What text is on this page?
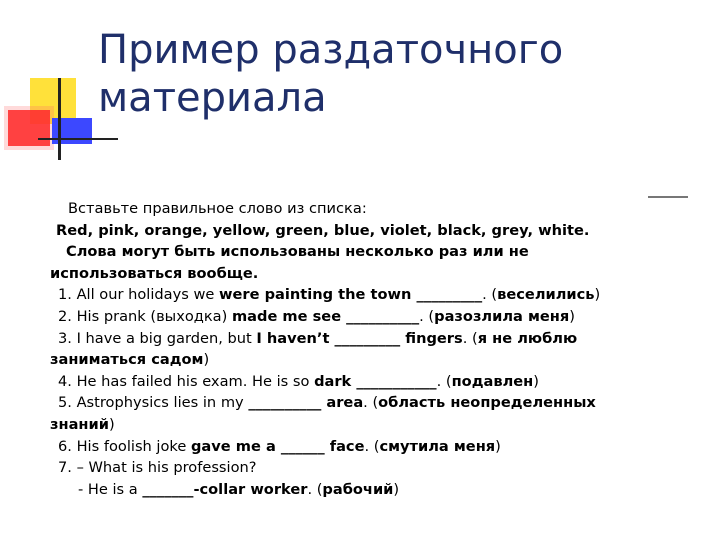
Пример раздаточного
материала

Вставьте правильное слово из списка:

Red, pink, orange, yellow, green, blue, violet, black, grey, white.

Слова могут быть использованы несколько раз или не

использоваться вообще.

1. All our holidays we were painting the town _________. (веселились)

2. His prank (выходка) made me see __________. (разозлила меня)

3. I have a big garden, but I haven’t _________ fingers. (я не люблю

заниматься садом)

4. He has failed his exam. He is so dark ___________. (подавлен)

5. Astrophysics lies in my __________ area. (область неопределенных

знаний)

6. His foolish joke gave me a ______ face. (смутила меня)

7. – What is his profession?

- He is a _______-collar worker. (рабочий)
